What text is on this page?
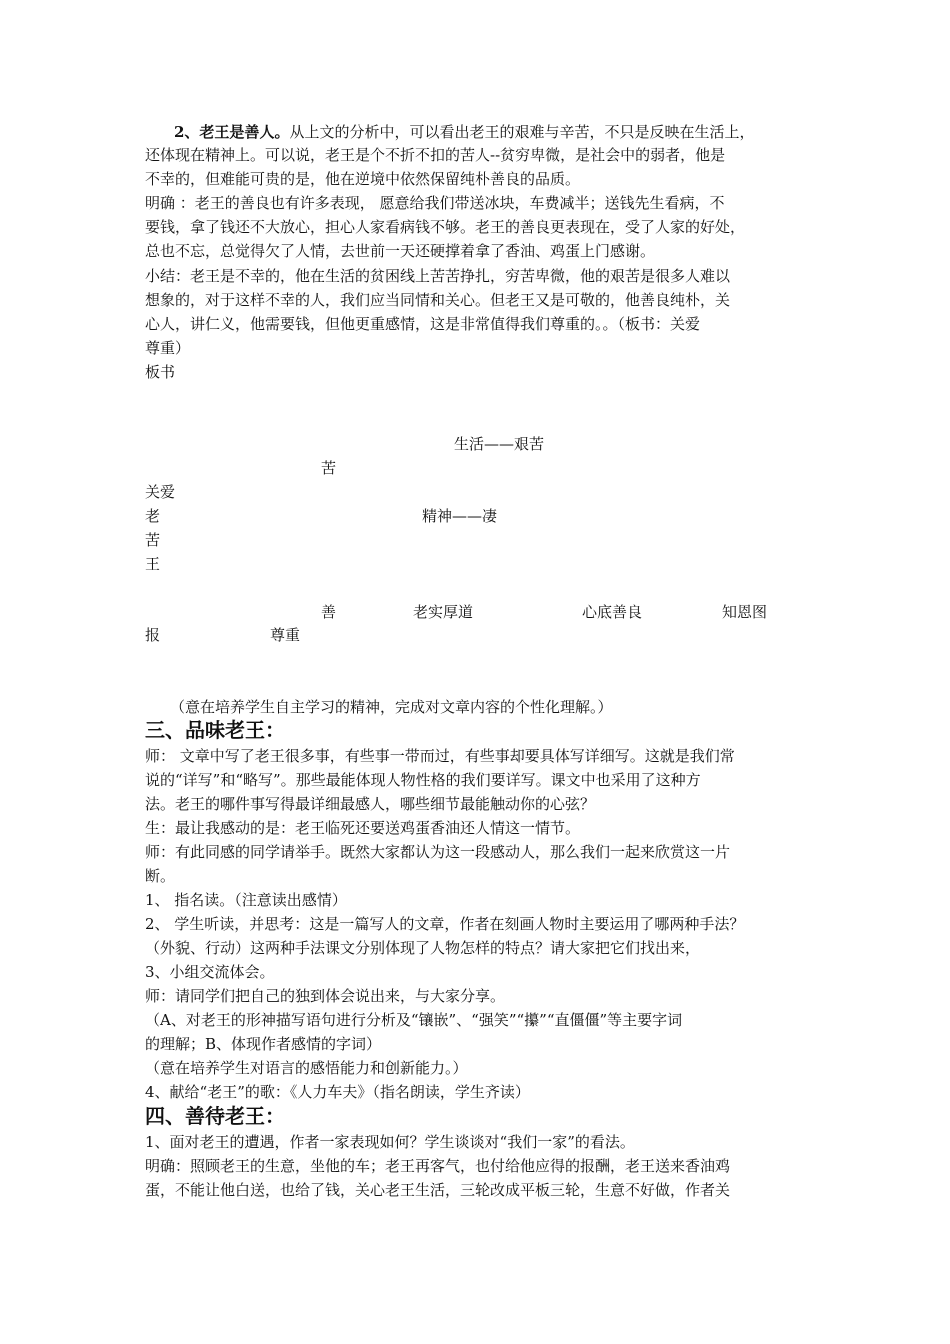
2、老王是善人。从上文的分析中，可以看出老王的艰难与辛苦，不只是反映在生活上，
还体现在精神上。可以说，老王是个不折不扣的苦人--贫穷卑微，是社会中的弱者，他是
不幸的，但难能可贵的是，他在逆境中依然保留纯朴善良的品质。
明确 ：老王的善良也有许多表现， 愿意给我们带送冰块，车费减半；送钱先生看病，不
要钱，拿了钱还不大放心，担心人家看病钱不够。老王的善良更表现在，受了人家的好处，
总也不忘，总觉得欠了人情，去世前一天还硬撑着拿了香油、鸡蛋上门感谢。
小结：老王是不幸的，他在生活的贫困线上苦苦挣扎，穷苦卑微，他的艰苦是很多人难以
想象的，对于这样不幸的人，我们应当同情和关心。但老王又是可敬的，他善良纯朴，关
心人，讲仁义，他需要钱，但他更重感情，这是非常值得我们尊重的。。（板书：关爱
尊重）
板书
生活——艰苦
苦
关爱
老	精神——凄
苦
王
善	老实厚道	心底善良	知恩图
报	尊重
（意在培养学生自主学习的精神，完成对文章内容的个性化理解。）
三、品味老王：
师： 文章中写了老王很多事，有些事一带而过，有些事却要具体写详细写。这就是我们常
说的“详写”和“略写”。那些最能体现人物性格的我们要详写。课文中也采用了这种方
法。老王的哪件事写得最详细最感人，哪些细节最能触动你的心弦？
生：最让我感动的是：老王临死还要送鸡蛋香油还人情这一情节。
师：有此同感的同学请举手。既然大家都认为这一段感动人，那么我们一起来欣赏这一片
断。
1、 指名读。（注意读出感情）
2、 学生听读，并思考：这是一篇写人的文章，作者在刻画人物时主要运用了哪两种手法？
（外貌、行动）这两种手法课文分别体现了人物怎样的特点？请大家把它们找出来，
3、小组交流体会。
师：请同学们把自己的独到体会说出来，与大家分享。
（A、对老王的形神描写语句进行分析及“镶嵌”、“强笑”“攥”“直僵僵”等主要字词
的理解；B、体现作者感情的字词）
（意在培养学生对语言的感悟能力和创新能力。）
4、献给“老王”的歌：《人力车夫》（指名朗读，学生齐读）
四、善待老王：
1、面对老王的遭遇，作者一家表现如何？学生谈谈对“我们一家”的看法。
明确：照顾老王的生意，坐他的车；老王再客气，也付给他应得的报酬，老王送来香油鸡
蛋，不能让他白送，也给了钱，关心老王生活，三轮改成平板三轮，生意不好做，作者关
